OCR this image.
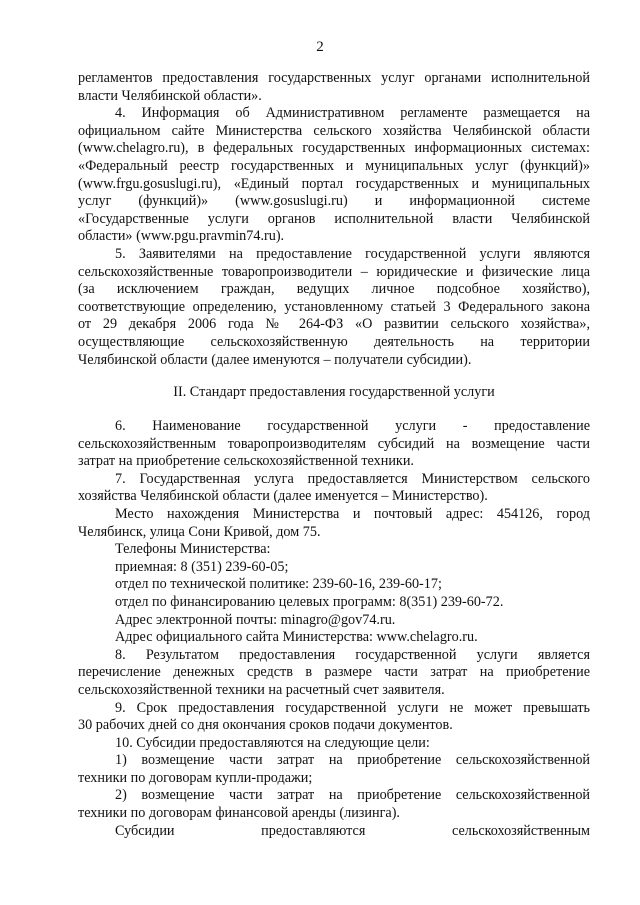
2
регламентов предоставления государственных услуг органами исполнительной
власти Челябинской области».
4. Информация об Административном регламенте размещается на
официальном сайте Министерства сельского хозяйства Челябинской области
(www.chelagro.ru), в федеральных государственных информационных системах:
«Федеральный реестр государственных и муниципальных услуг (функций)»
(www.frgu.gosuslugi.ru), «Единый портал государственных и муниципальных
услуг (функций)» (www.gosuslugi.ru) и информационной системе
«Государственные услуги органов исполнительной власти Челябинской
области» (www.pgu.pravmin74.ru).
5. Заявителями на предоставление государственной услуги являются
сельскохозяйственные товаропроизводители – юридические и физические лица
(за исключением граждан, ведущих личное подсобное хозяйство),
соответствующие определению, установленному статьей 3 Федерального закона
от 29 декабря 2006 года № 264-ФЗ «О развитии сельского хозяйства»,
осуществляющие сельскохозяйственную деятельность на территории
Челябинской области (далее именуются – получатели субсидии).
II. Стандарт предоставления государственной услуги
6. Наименование государственной услуги - предоставление
сельскохозяйственным товаропроизводителям субсидий на возмещение части
затрат на приобретение сельскохозяйственной техники.
7. Государственная услуга предоставляется Министерством сельского
хозяйства Челябинской области (далее именуется – Министерство).
Место нахождения Министерства и почтовый адрес: 454126, город
Челябинск, улица Сони Кривой, дом 75.
Телефоны Министерства:
приемная: 8 (351) 239-60-05;
отдел по технической политике: 239-60-16, 239-60-17;
отдел по финансированию целевых программ: 8(351) 239-60-72.
Адрес электронной почты: minagro@gov74.ru.
Адрес официального сайта Министерства: www.chelagro.ru.
8. Результатом предоставления государственной услуги является
перечисление денежных средств в размере части затрат на приобретение
сельскохозяйственной техники на расчетный счет заявителя.
9. Срок предоставления государственной услуги не может превышать
30 рабочих дней со дня окончания сроков подачи документов.
10. Субсидии предоставляются на следующие цели:
1) возмещение части затрат на приобретение сельскохозяйственной
техники по договорам купли-продажи;
2) возмещение части затрат на приобретение сельскохозяйственной
техники по договорам финансовой аренды (лизинга).
Субсидии предоставляются сельскохозяйственным
